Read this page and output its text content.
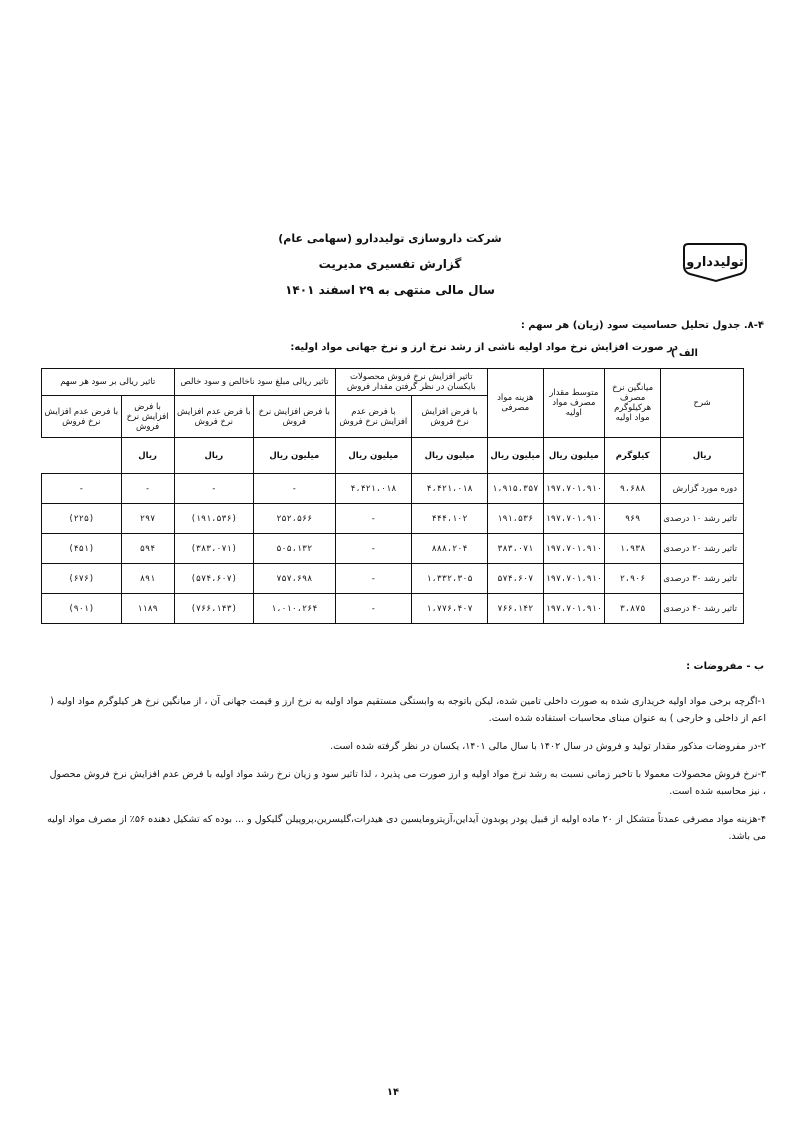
شرکت داروسازی تولیددارو (سهامی عام)
گزارش تفسیری مدیریت
سال مالی منتهی به ۲۹ اسفند ۱۴۰۱
تولیددارو
۸-۴. جدول تحلیل حساسیت سود (زیان) هر سهم :
در صورت افزایش نرخ مواد اولیه ناشی از رشد نرخ ارز و نرخ جهانی مواد اولیه:
الف )
شرح	میانگین نرخ مصرف هرکیلوگرم مواد اولیه	متوسط مقدار مصرف مواد اولیه	هزینه مواد مصرفی	تاثیر افزایش نرخ فروش محصولات بایکسان در نظر گرفتن مقدار فروش		تاثیر ریالی مبلغ سود ناخالص و سود خالص		تاثیر ریالی بر سود هر سهم	
				با فرض افزایش نرخ فروش	با فرض عدم افزایش نرخ فروش	با فرض افزایش نرخ فروش	با فرض عدم افزایش نرخ فروش	با فرض افزایش نرخ فروش	با فرض عدم افزایش نرخ فروش
ریال	کیلوگرم	میلیون ریال	میلیون ریال	میلیون ریال	میلیون ریال	میلیون ریال	ریال	ریال	
دوره مورد گزارش	۹،۶۸۸	۱۹۷،۷۰۱،۹۱۰	۱،۹۱۵،۳۵۷	۴،۴۲۱،۰۱۸	۴،۴۲۱،۰۱۸	-	-	-	-
تاثیر رشد ۱۰ درصدی	۹۶۹	۱۹۷،۷۰۱،۹۱۰	۱۹۱،۵۳۶	۴۴۴،۱۰۲	-	۲۵۲،۵۶۶	(۱۹۱،۵۳۶)	۲۹۷	(۲۲۵)
تاثیر رشد ۲۰ درصدی	۱،۹۳۸	۱۹۷،۷۰۱،۹۱۰	۳۸۳،۰۷۱	۸۸۸،۲۰۴	-	۵۰۵،۱۳۲	(۳۸۳،۰۷۱)	۵۹۴	(۴۵۱)
تاثیر رشد ۳۰ درصدی	۲،۹۰۶	۱۹۷،۷۰۱،۹۱۰	۵۷۴،۶۰۷	۱،۳۳۲،۳۰۵	-	۷۵۷،۶۹۸	(۵۷۴،۶۰۷)	۸۹۱	(۶۷۶)
تاثیر رشد ۴۰ درصدی	۳،۸۷۵	۱۹۷،۷۰۱،۹۱۰	۷۶۶،۱۴۲	۱،۷۷۶،۴۰۷	-	۱،۰۱۰،۲۶۴	(۷۶۶،۱۴۳)	۱۱۸۹	(۹۰۱)
ب - مفروضات :

۱-اگرچه برخی مواد اولیه خریداری شده به صورت داخلی تامین شده، لیکن باتوجه به وابستگی مستقیم مواد اولیه به نرخ ارز و قیمت جهانی آن ، از میانگین نرخ هر کیلوگرم مواد اولیه ( اعم از داخلی و خارجی ) به عنوان مبنای محاسبات استفاده شده است.

۲-در مفروضات مذکور مقدار تولید و فروش در سال ۱۴۰۲ با سال مالی ۱۴۰۱، یکسان در نظر گرفته شده است.

۳-نرخ فروش محصولات معمولا با تاخیر زمانی نسبت به رشد نرخ مواد اولیه و ارز صورت می پذیرد ، لذا تاثیر سود و زیان نرخ رشد مواد اولیه با فرض عدم افزایش نرخ فروش محصول ، نیز محاسبه شده است.

۴-هزینه مواد مصرفی عمدتاً متشکل از ۲۰ ماده اولیه از قبیل پودر پوبدون آیداین،آزیترومایسین دی هیدرات،گلیسرین،پروپیلن گلیکول و ... بوده که تشکیل دهنده ۵۶٪ از مصرف مواد اولیه می باشد.

۱۴
